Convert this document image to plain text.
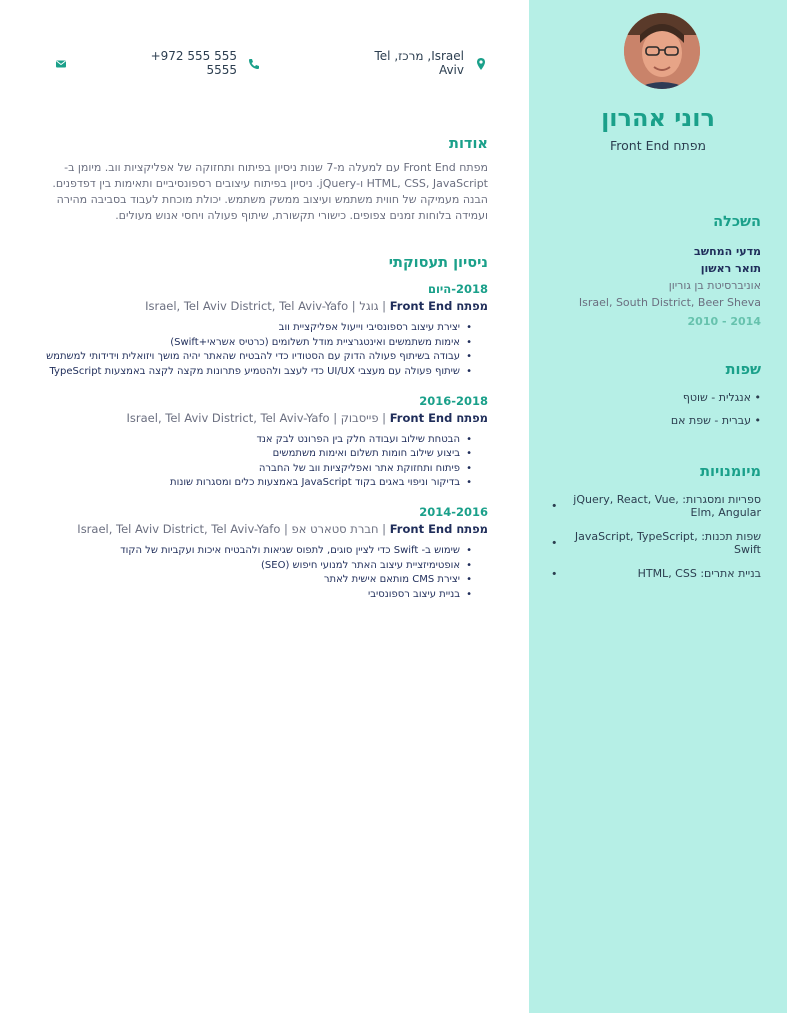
רוני אהרון
מפתח Front End
השכלה
מדעי המחשב
תואר ראשון
אוניברסיטת בן גוריון
Israel, South District, Beer Sheva
2010 - 2014
שפות
• אנגלית - שוטף
• עברית - שפת אם
מיומנויות
• ספריות ומסגרות: jQuery, React, Vue, Elm, Angular
• שפות תכנות: JavaScript, TypeScript, Swift
• בניית אתרים: HTML, CSS
Israel, מרכז, Tel Aviv
+972 555 555 5555
אודות

מפתח Front End עם למעלה מ-7 שנות ניסיון בפיתוח ותחזוקה של אפליקציות ווב. מיומן ב-HTML, CSS, JavaScript ו-jQuery. ניסיון בפיתוח עיצובים רספונסיביים ותאימות בין דפדפנים. הבנה מעמיקה של חווית משתמש ועיצוב ממשק משתמש. יכולת מוכחת לעבוד בסביבה מהירה ועמידה בלוחות זמנים צפופים. כישורי תקשורת, שיתוף פעולה ויחסי אנוש מעולים.

ניסיון תעסוקתי
2018-היום
מפתח Front End | גוגל | Israel, Tel Aviv District, Tel Aviv-Yafo
• יצירת עיצוב רספונסיבי וייעול אפליקציית ווב
• אימות משתמשים ואינטגרציית מודל תשלומים (כרטיס אשראי+Swift)
• עבודה בשיתוף פעולה הדוק עם הסטודיו כדי להבטיח שהאתר יהיה מושך ויזואלית וידידותי למשתמש
• שיתוף פעולה עם מעצבי UI/UX כדי לעצב ולהטמיע פתרונות מקצה לקצה באמצעות TypeScript
2016-2018
מפתח Front End | פייסבוק | Israel, Tel Aviv District, Tel Aviv-Yafo
• הבטחת שילוב ועבודה חלק בין הפרונט לבק אנד
• ביצוע שילוב חומות תשלום ואימות משתמשים
• פיתוח ותחזוקת אתר ואפליקציות ווב של החברה
• בדיקור וניפוי באגים בקוד JavaScript באמצעות כלים ומסגרות שונות
2014-2016
מפתח Front End | חברת סטארט אפ | Israel, Tel Aviv District, Tel Aviv-Yafo
• שימוש ב- Swift כדי לציין סוגים, לתפוס שגיאות ולהבטיח איכות ועקביות של הקוד
• אופטימיזציית עיצוב האתר למנועי חיפוש (SEO)
• יצירת CMS מותאם אישית לאתר
• בניית עיצוב רספונסיבי
